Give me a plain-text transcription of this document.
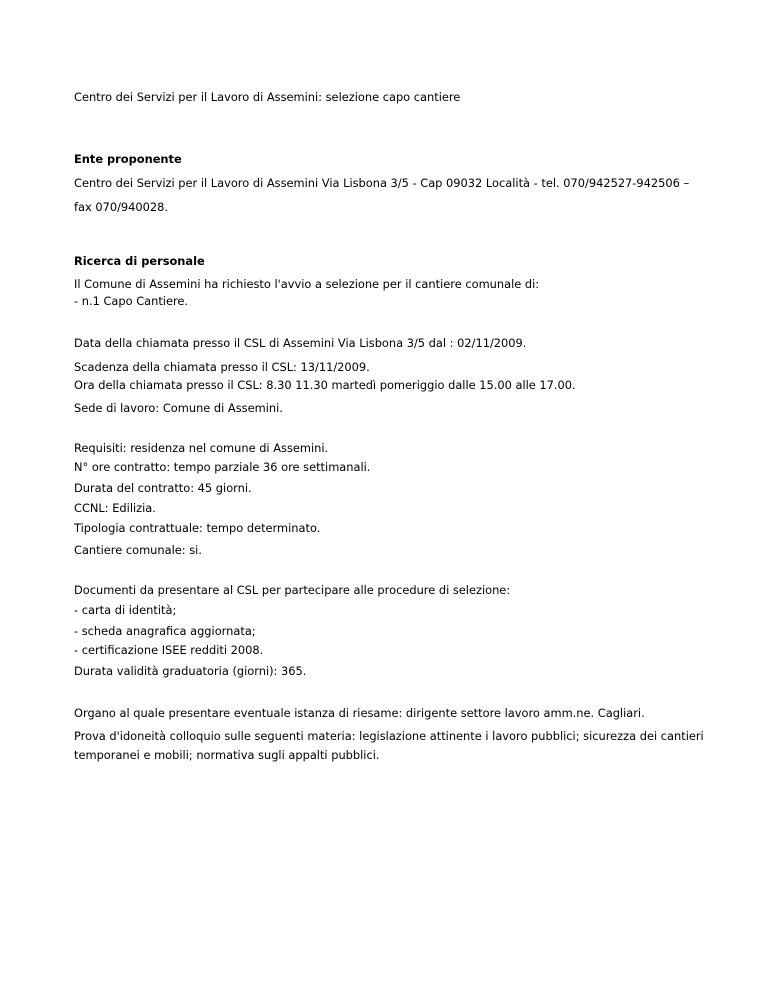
Centro dei Servizi per il Lavoro di Assemini: selezione capo cantiere
Ente proponente
Centro dei Servizi per il Lavoro di Assemini Via Lisbona 3/5 - Cap 09032 Località - tel. 070/942527-942506 –
fax 070/940028.
Ricerca di personale
Il Comune di Assemini ha richiesto l'avvio a selezione per il cantiere comunale di:
- n.1 Capo Cantiere.
Data della chiamata presso il CSL di Assemini Via Lisbona 3/5 dal : 02/11/2009.
Scadenza della chiamata presso il CSL: 13/11/2009.
Ora della chiamata presso il CSL: 8.30 11.30 martedì pomeriggio dalle 15.00 alle 17.00.
Sede di lavoro: Comune di Assemini.
Requisiti: residenza nel comune di Assemini.
N° ore contratto: tempo parziale 36 ore settimanali.
Durata del contratto: 45 giorni.
CCNL: Edilizia.
Tipologia contrattuale: tempo determinato.
Cantiere comunale: si.
Documenti da presentare al CSL per partecipare alle procedure di selezione:
- carta di identità;
- scheda anagrafica aggiornata;
- certificazione ISEE redditi 2008.
Durata validità graduatoria (giorni): 365.
Organo al quale presentare eventuale istanza di riesame: dirigente settore lavoro amm.ne. Cagliari.
Prova d'idoneità colloquio sulle seguenti materia: legislazione attinente i lavoro pubblici; sicurezza dei cantieri
temporanei e mobili; normativa sugli appalti pubblici.
